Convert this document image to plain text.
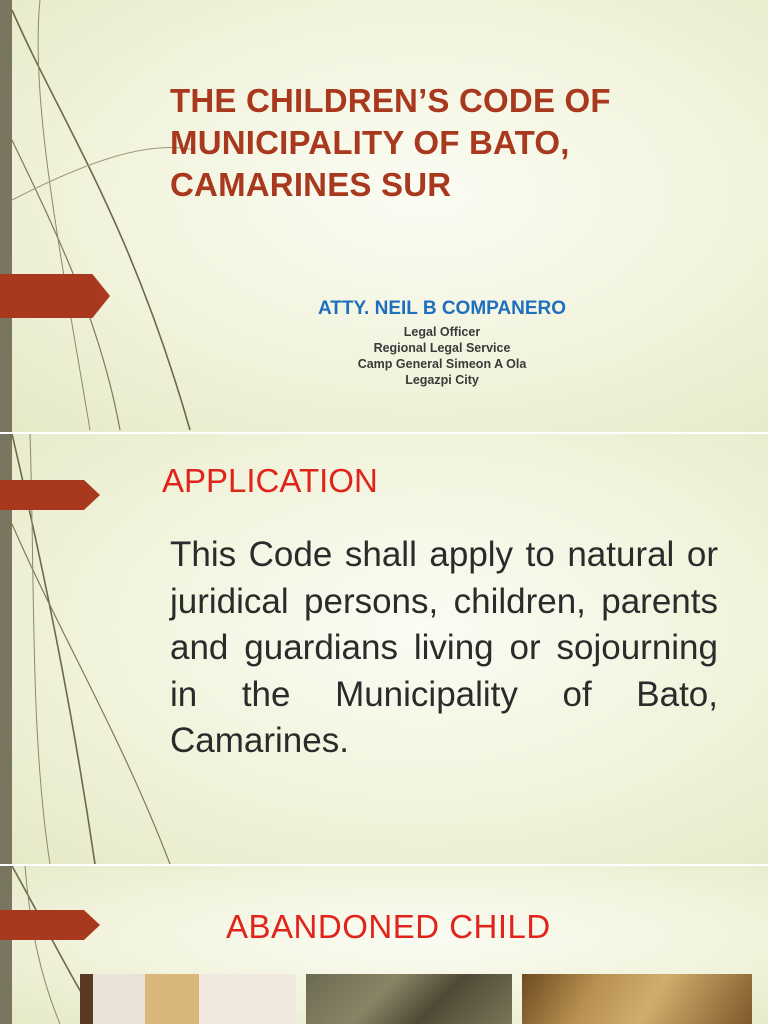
THE CHILDREN’S CODE OF MUNICIPALITY OF BATO, CAMARINES SUR
ATTY. NEIL B COMPANERO
Legal Officer
Regional Legal Service
Camp General Simeon A Ola
Legazpi City
APPLICATION

This Code shall apply to natural or juridical persons, children, parents and guardians living or sojourning in the Municipality of Bato, Camarines.

ABANDONED CHILD
